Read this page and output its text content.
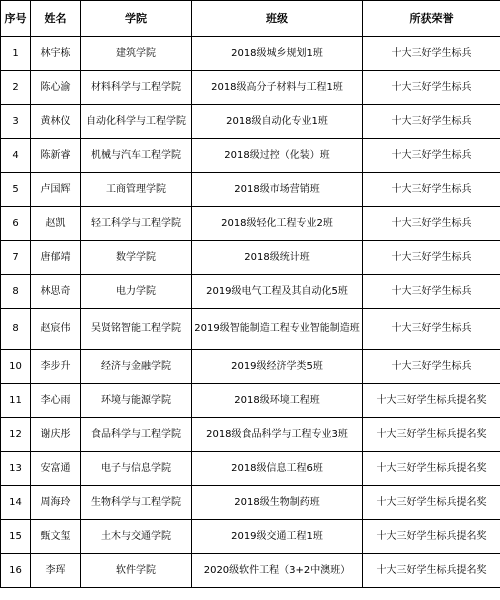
序号	姓名	学院	班级	所获荣誉
1	林宇栋	建筑学院	2018级城乡规划1班	十大三好学生标兵
2	陈心渝	材料科学与工程学院	2018级高分子材料与工程1班	十大三好学生标兵
3	黄林仪	自动化科学与工程学院	2018级自动化专业1班	十大三好学生标兵
4	陈新睿	机械与汽车工程学院	2018级过控（化装）班	十大三好学生标兵
5	卢国辉	工商管理学院	2018级市场营销班	十大三好学生标兵
6	赵凯	轻工科学与工程学院	2018级轻化工程专业2班	十大三好学生标兵
7	唐郁靖	数学学院	2018级统计班	十大三好学生标兵
8	林思奇	电力学院	2019级电气工程及其自动化5班	十大三好学生标兵
8	赵宸伟	吴贤铭智能工程学院	2019级智能制造工程专业智能制造班	十大三好学生标兵
10	李步升	经济与金融学院	2019级经济学类5班	十大三好学生标兵
11	李心雨	环境与能源学院	2018级环境工程班	十大三好学生标兵提名奖
12	谢庆彤	食品科学与工程学院	2018级食品科学与工程专业3班	十大三好学生标兵提名奖
13	安富通	电子与信息学院	2018级信息工程6班	十大三好学生标兵提名奖
14	周海玲	生物科学与工程学院	2018级生物制药班	十大三好学生标兵提名奖
15	甄文玺	土木与交通学院	2019级交通工程1班	十大三好学生标兵提名奖
16	李珲	软件学院	2020级软件工程（3+2中澳班）	十大三好学生标兵提名奖
